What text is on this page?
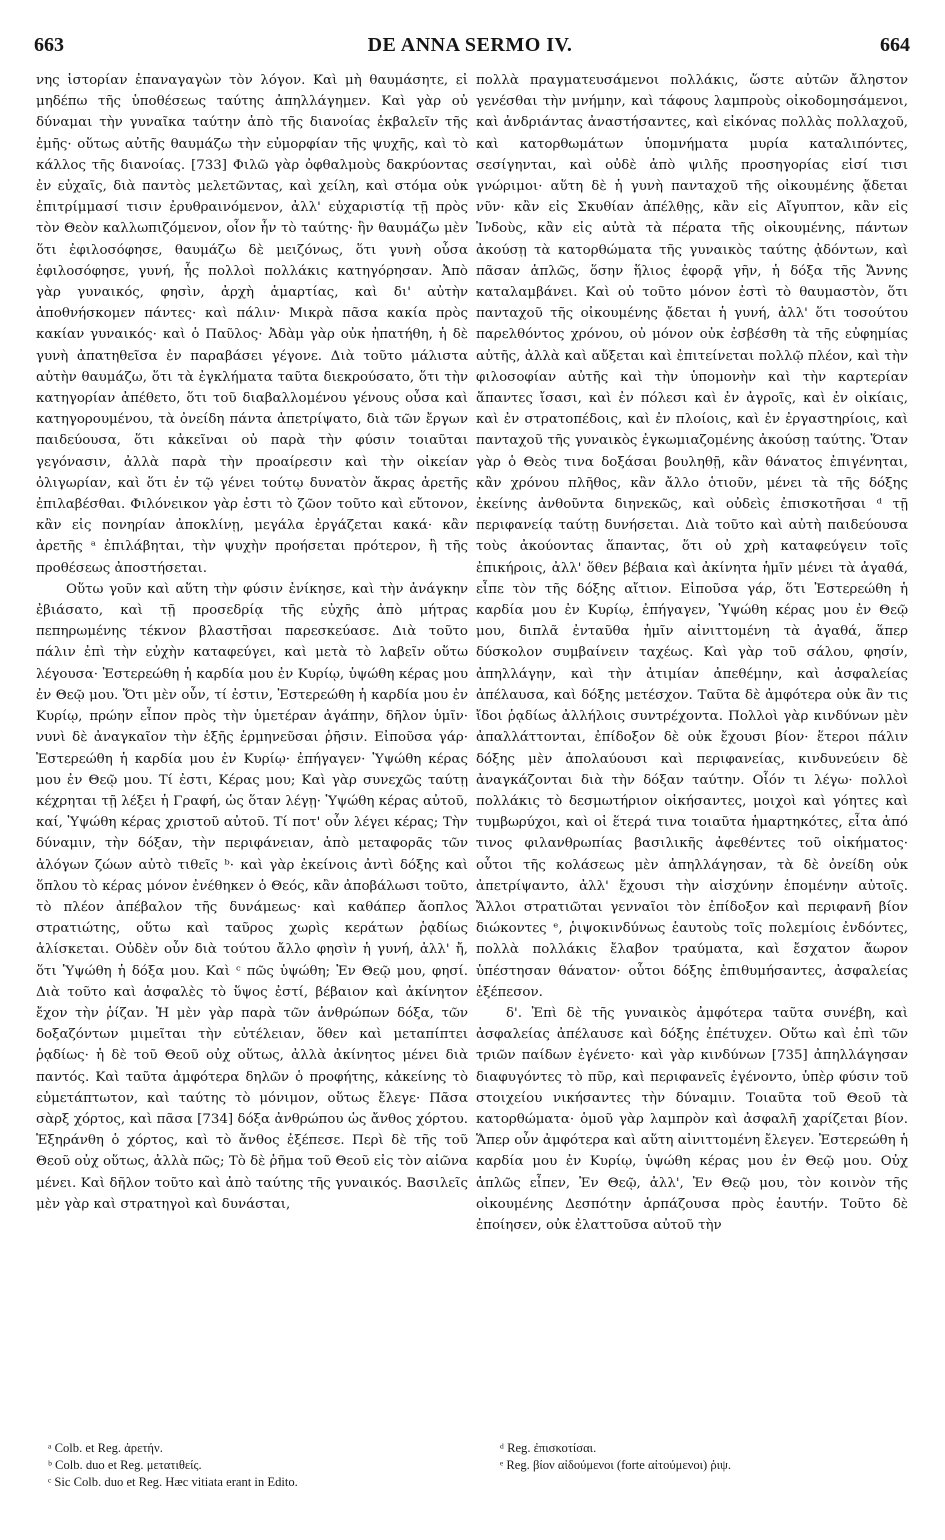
663	DE ANNA SERMO IV.	664

νης ἱστορίαν ἐπαναγαγὼν τὸν λόγον. Καὶ μὴ θαυμάσητε, εἰ μηδέπω τῆς ὑποθέσεως ταύτης ἀπηλλάγημεν. Καὶ γὰρ οὐ δύναμαι τὴν γυναῖκα ταύτην ἀπὸ τῆς διανοίας ἐκβαλεῖν τῆς ἐμῆς· οὕτως αὐτῆς θαυμάζω τὴν εὐμορφίαν τῆς ψυχῆς, καὶ τὸ κάλλος τῆς διανοίας. [733] Φιλῶ γὰρ ὀφθαλμοὺς δακρύοντας ἐν εὐχαῖς, διὰ παντὸς μελετῶντας, καὶ χείλη, καὶ στόμα οὐκ ἐπιτρίμμασί τισιν ἐρυθραινόμενον, ἀλλ' εὐχαριστίᾳ τῇ πρὸς τὸν Θεὸν καλλωπιζόμενον, οἷον ἦν τὸ ταύτης· ἣν θαυμάζω μὲν ὅτι ἐφιλοσόφησε, θαυμάζω δὲ μειζόνως, ὅτι γυνὴ οὖσα ἐφιλοσόφησε, γυνή, ἧς πολλοὶ πολλάκις κατηγόρησαν. Ἀπὸ γὰρ γυναικός, φησὶν, ἀρχὴ ἁμαρτίας, καὶ δι' αὐτὴν ἀποθνήσκομεν πάντες· καὶ πάλιν· Μικρὰ πᾶσα κακία πρὸς κακίαν γυναικός· καὶ ὁ Παῦλος· Ἀδὰμ γὰρ οὐκ ἠπατήθη, ἡ δὲ γυνὴ ἀπατηθεῖσα ἐν παραβάσει γέγονε. Διὰ τοῦτο μάλιστα αὐτὴν θαυμάζω, ὅτι τὰ ἐγκλήματα ταῦτα διεκρούσατο, ὅτι τὴν κατηγορίαν ἀπέθετο, ὅτι τοῦ διαβαλλομένου γένους οὖσα καὶ κατηγορουμένου, τὰ ὀνείδη πάντα ἀπετρίψατο, διὰ τῶν ἔργων παιδεύουσα, ὅτι κἀκεῖναι οὐ παρὰ τὴν φύσιν τοιαῦται γεγόνασιν, ἀλλὰ παρὰ τὴν προαίρεσιν καὶ τὴν οἰκείαν ὀλιγωρίαν, καὶ ὅτι ἐν τῷ γένει τούτῳ δυνατὸν ἄκρας ἀρετῆς ἐπιλαβέσθαι. Φιλόνεικον γὰρ ἐστι τὸ ζῶον τοῦτο καὶ εὔτονον, κἂν εἰς πονηρίαν ἀποκλίνῃ, μεγάλα ἐργάζεται κακά· κἂν ἀρετῆς ᵃ ἐπιλάβηται, τὴν ψυχὴν προήσεται πρότερον, ἢ τῆς προθέσεως ἀποστήσεται.

Οὕτω γοῦν καὶ αὕτη τὴν φύσιν ἐνίκησε, καὶ τὴν ἀνάγκην ἐβιάσατο, καὶ τῇ προσεδρίᾳ τῆς εὐχῆς ἀπὸ μήτρας πεπηρωμένης τέκνον βλαστῆσαι παρεσκεύασε. Διὰ τοῦτο πάλιν ἐπὶ τὴν εὐχὴν καταφεύγει, καὶ μετὰ τὸ λαβεῖν οὕτω λέγουσα· Ἐστερεώθη ἡ καρδία μου ἐν Κυρίῳ, ὑψώθη κέρας μου ἐν Θεῷ μου. Ὅτι μὲν οὖν, τί ἐστιν, Ἐστερεώθη ἡ καρδία μου ἐν Κυρίῳ, πρώην εἶπον πρὸς τὴν ὑμετέραν ἀγάπην, δῆλον ὑμῖν· νυνὶ δὲ ἀναγκαῖον τὴν ἑξῆς ἑρμηνεῦσαι ῥῆσιν. Εἰποῦσα γάρ· Ἐστερεώθη ἡ καρδία μου ἐν Κυρίῳ· ἐπήγαγεν· Ὑψώθη κέρας μου ἐν Θεῷ μου. Τί ἐστι, Κέρας μου; Καὶ γὰρ συνεχῶς ταύτῃ κέχρηται τῇ λέξει ἡ Γραφή, ὡς ὅταν λέγῃ· Ὑψώθη κέρας αὐτοῦ, καί, Ὑψώθη κέρας χριστοῦ αὐτοῦ. Τί ποτ' οὖν λέγει κέρας; Τὴν δύναμιν, τὴν δόξαν, τὴν περιφάνειαν, ἀπὸ μεταφορᾶς τῶν ἀλόγων ζώων αὐτὸ τιθεῖς ᵇ· καὶ γὰρ ἐκείνοις ἀντὶ δόξης καὶ ὅπλου τὸ κέρας μόνον ἐνέθηκεν ὁ Θεός, κἂν ἀποβάλωσι τοῦτο, τὸ πλέον ἀπέβαλον τῆς δυνάμεως· καὶ καθάπερ ἄοπλος στρατιώτης, οὕτω καὶ ταῦρος χωρὶς κεράτων ῥᾳδίως ἁλίσκεται. Οὐδὲν οὖν διὰ τούτου ἄλλο φησὶν ἡ γυνή, ἀλλ' ἤ, ὅτι Ὑψώθη ἡ δόξα μου. Καὶ ᶜ πῶς ὑψώθη; Ἐν Θεῷ μου, φησί. Διὰ τοῦτο καὶ ἀσφαλὲς τὸ ὕψος ἐστί, βέβαιον καὶ ἀκίνητον ἔχον τὴν ῥίζαν. Ἡ μὲν γὰρ παρὰ τῶν ἀνθρώπων δόξα, τῶν δοξαζόντων μιμεῖται τὴν εὐτέλειαν, ὅθεν καὶ μεταπίπτει ῥᾳδίως· ἡ δὲ τοῦ Θεοῦ οὐχ οὕτως, ἀλλὰ ἀκίνητος μένει διὰ παντός. Καὶ ταῦτα ἀμφότερα δηλῶν ὁ προφήτης, κἀκείνης τὸ εὐμετάπτωτον, καὶ ταύτης τὸ μόνιμον, οὕτως ἔλεγε· Πᾶσα σὰρξ χόρτος, καὶ πᾶσα [734] δόξα ἀνθρώπου ὡς ἄνθος χόρτου. Ἐξηράνθη ὁ χόρτος, καὶ τὸ ἄνθος ἐξέπεσε. Περὶ δὲ τῆς τοῦ Θεοῦ οὐχ οὕτως, ἀλλὰ πῶς; Τὸ δὲ ῥῆμα τοῦ Θεοῦ εἰς τὸν αἰῶνα μένει. Καὶ δῆλον τοῦτο καὶ ἀπὸ ταύτης τῆς γυναικός. Βασιλεῖς μὲν γὰρ καὶ στρατηγοὶ καὶ δυνάσται,

πολλὰ πραγματευσάμενοι πολλάκις, ὥστε αὐτῶν ἄληστον γενέσθαι τὴν μνήμην, καὶ τάφους λαμπροὺς οἰκοδομησάμενοι, καὶ ἀνδριάντας ἀναστήσαντες, καὶ εἰκόνας πολλὰς πολλαχοῦ, καὶ κατορθωμάτων ὑπομνήματα μυρία καταλιπόντες, σεσίγηνται, καὶ οὐδὲ ἀπὸ ψιλῆς προσηγορίας εἰσί τισι γνώριμοι· αὕτη δὲ ἡ γυνὴ πανταχοῦ τῆς οἰκουμένης ᾄδεται νῦν· κἂν εἰς Σκυθίαν ἀπέλθῃς, κἂν εἰς Αἴγυπτον, κἂν εἰς Ἰνδοὺς, κἂν εἰς αὐτὰ τὰ πέρατα τῆς οἰκουμένης, πάντων ἀκούσῃ τὰ κατορθώματα τῆς γυναικὸς ταύτης ᾀδόντων, καὶ πᾶσαν ἁπλῶς, ὅσην ἥλιος ἐφορᾷ γῆν, ἡ δόξα τῆς Ἄννης καταλαμβάνει. Καὶ οὐ τοῦτο μόνον ἐστὶ τὸ θαυμαστὸν, ὅτι πανταχοῦ τῆς οἰκουμένης ᾄδεται ἡ γυνή, ἀλλ' ὅτι τοσούτου παρελθόντος χρόνου, οὐ μόνον οὐκ ἐσβέσθη τὰ τῆς εὐφημίας αὐτῆς, ἀλλὰ καὶ αὔξεται καὶ ἐπιτείνεται πολλῷ πλέον, καὶ τὴν φιλοσοφίαν αὐτῆς καὶ τὴν ὑπομονὴν καὶ τὴν καρτερίαν ἅπαντες ἴσασι, καὶ ἐν πόλεσι καὶ ἐν ἀγροῖς, καὶ ἐν οἰκίαις, καὶ ἐν στρατοπέδοις, καὶ ἐν πλοίοις, καὶ ἐν ἐργαστηρίοις, καὶ πανταχοῦ τῆς γυναικὸς ἐγκωμιαζομένης ἀκούσῃ ταύτης. Ὅταν γὰρ ὁ Θεὸς τινα δοξάσαι βουληθῇ, κἂν θάνατος ἐπιγένηται, κἂν χρόνου πλῆθος, κἂν ἄλλο ὁτιοῦν, μένει τὰ τῆς δόξης ἐκείνης ἀνθοῦντα διηνεκῶς, καὶ οὐδεὶς ἐπισκοτῆσαι ᵈ τῇ περιφανείᾳ ταύτῃ δυνήσεται. Διὰ τοῦτο καὶ αὐτὴ παιδεύουσα τοὺς ἀκούοντας ἅπαντας, ὅτι οὐ χρὴ καταφεύγειν τοῖς ἐπικήροις, ἀλλ' ὅθεν βέβαια καὶ ἀκίνητα ἡμῖν μένει τὰ ἀγαθά, εἶπε τὸν τῆς δόξης αἴτιον. Εἰποῦσα γάρ, ὅτι Ἐστερεώθη ἡ καρδία μου ἐν Κυρίῳ, ἐπήγαγεν, Ὑψώθη κέρας μου ἐν Θεῷ μου, διπλᾶ ἐνταῦθα ἡμῖν αἰνιττομένη τὰ ἀγαθά, ἅπερ δύσκολον συμβαίνειν ταχέως. Καὶ γὰρ τοῦ σάλου, φησίν, ἀπηλλάγην, καὶ τὴν ἀτιμίαν ἀπεθέμην, καὶ ἀσφαλείας ἀπέλαυσα, καὶ δόξης μετέσχον. Ταῦτα δὲ ἀμφότερα οὐκ ἂν τις ἴδοι ῥᾳδίως ἀλλήλοις συντρέχοντα. Πολλοὶ γὰρ κινδύνων μὲν ἀπαλλάττονται, ἐπίδοξον δὲ οὐκ ἔχουσι βίον· ἕτεροι πάλιν δόξης μὲν ἀπολαύουσι καὶ περιφανείας, κινδυνεύειν δὲ ἀναγκάζονται διὰ τὴν δόξαν ταύτην. Οἷόν τι λέγω· πολλοὶ πολλάκις τὸ δεσμωτήριον οἰκήσαντες, μοιχοὶ καὶ γόητες καὶ τυμβωρύχοι, καὶ οἱ ἕτερά τινα τοιαῦτα ἡμαρτηκότες, εἶτα ἀπό τινος φιλανθρωπίας βασιλικῆς ἀφεθέντες τοῦ οἰκήματος· οὗτοι τῆς κολάσεως μὲν ἀπηλλάγησαν, τὰ δὲ ὀνείδη οὐκ ἀπετρίψαντο, ἀλλ' ἔχουσι τὴν αἰσχύνην ἑπομένην αὐτοῖς. Ἄλλοι στρατιῶται γενναῖοι τὸν ἐπίδοξον καὶ περιφανῆ βίον διώκοντες ᵉ, ῥιψοκινδύνως ἑαυτοὺς τοῖς πολεμίοις ἐνδόντες, πολλὰ πολλάκις ἔλαβον τραύματα, καὶ ἔσχατον ἄωρον ὑπέστησαν θάνατον· οὗτοι δόξης ἐπιθυμήσαντες, ἀσφαλείας ἐξέπεσον.

δ'. Ἐπὶ δὲ τῆς γυναικὸς ἀμφότερα ταῦτα συνέβη, καὶ ἀσφαλείας ἀπέλαυσε καὶ δόξης ἐπέτυχεν. Οὕτω καὶ ἐπὶ τῶν τριῶν παίδων ἐγένετο· καὶ γὰρ κινδύνων [735] ἀπηλλάγησαν διαφυγόντες τὸ πῦρ, καὶ περιφανεῖς ἐγένοντο, ὑπὲρ φύσιν τοῦ στοιχείου νικήσαντες τὴν δύναμιν. Τοιαῦτα τοῦ Θεοῦ τὰ κατορθώματα· ὁμοῦ γὰρ λαμπρὸν καὶ ἀσφαλῆ χαρίζεται βίον. Ἅπερ οὖν ἀμφότερα καὶ αὕτη αἰνιττομένη ἔλεγεν. Ἐστερεώθη ἡ καρδία μου ἐν Κυρίῳ, ὑψώθη κέρας μου ἐν Θεῷ μου. Οὐχ ἁπλῶς εἶπεν, Ἐν Θεῷ, ἀλλ', Ἐν Θεῷ μου, τὸν κοινὸν τῆς οἰκουμένης Δεσπότην ἁρπάζουσα πρὸς ἑαυτήν. Τοῦτο δὲ ἐποίησεν, οὐκ ἐλαττοῦσα αὐτοῦ τὴν

ᵃ Colb. et Reg. ἀρετήν.
ᵇ Colb. duo et Reg. μετατιθείς.
ᶜ Sic Colb. duo et Reg. Hæc vitiata erant in Edito.
ᵈ Reg. ἐπισκοτίσαι.
ᵉ Reg. βίον αἰδούμενοι (forte αἰτούμενοι) ῥιψ.
